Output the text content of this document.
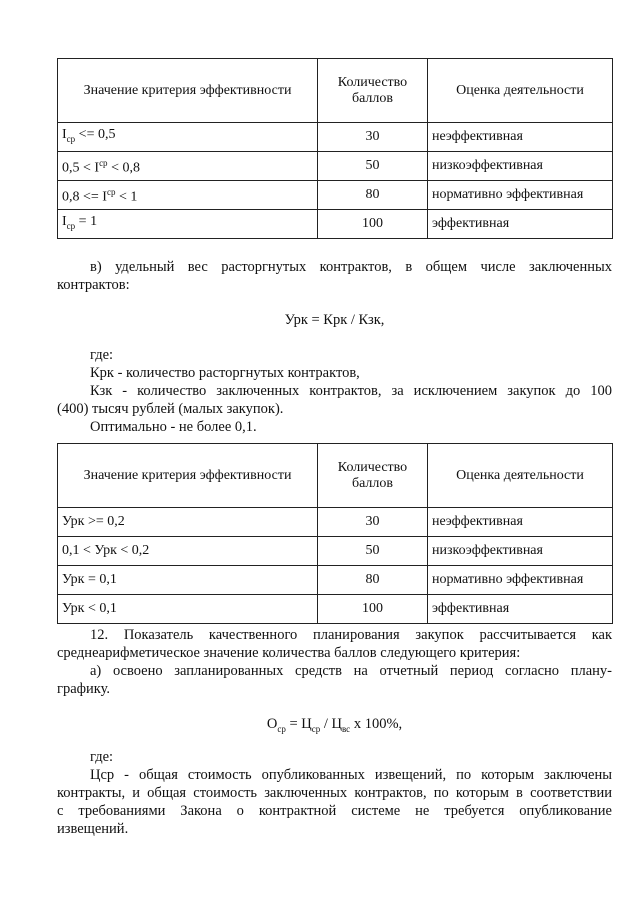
Значение критерия эффективности	Количество баллов	Оценка деятельности
$I_{ср} <= 0,5$	30	неэффективная
$0,5 < I^{ср} < 0,8$	50	низкоэффективная
$0,8 <= I^{ср} < 1$	80	нормативно эффективная
$I_{ср} = 1$	100	эффективная

в) удельный вес расторгнутых контрактов, в общем числе заключенных

контрактов:

Урк = Крк / Кзк,

где:

Крк - количество расторгнутых контрактов,

Кзк - количество заключенных контрактов, за исключением закупок до 100

(400) тысяч рублей (малых закупок).

Оптимально - не более 0,1.

Значение критерия эффективности	Количество баллов	Оценка деятельности
Урк >= 0,2	30	неэффективная
0,1 < Урк < 0,2	50	низкоэффективная
Урк = 0,1	80	нормативно эффективная
Урк < 0,1	100	эффективная

12. Показатель качественного планирования закупок рассчитывается как

среднеарифметическое значение количества баллов следующего критерия:

а) освоено запланированных средств на отчетный период согласно плану-

графику.

$О_{ср} = Ц_{ср} / Ц_{вс}$ х 100%,

где:

Цср - общая стоимость опубликованных извещений, по которым заключены

контракты, и общая стоимость заключенных контрактов, по которым в соответствии

с требованиями Закона о контрактной системе не требуется опубликование

извещений.
